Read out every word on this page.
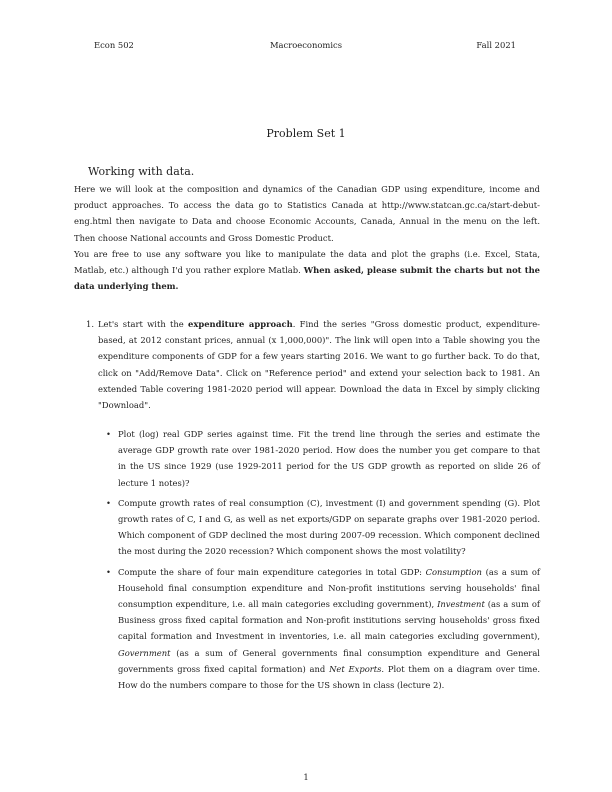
Econ 502	Macroeconomics	Fall 2021
Problem Set 1
Working with data.
Here we will look at the composition and dynamics of the Canadian GDP using expenditure, income and product approaches. To access the data go to Statistics Canada at http://www.statcan.gc.ca/start-debut-eng.html then navigate to Data and choose Economic Accounts, Canada, Annual in the menu on the left. Then choose National accounts and Gross Domestic Product.
You are free to use any software you like to manipulate the data and plot the graphs (i.e. Excel, Stata, Matlab, etc.) although I'd you rather explore Matlab. When asked, please submit the charts but not the data underlying them.
1. Let's start with the expenditure approach. Find the series "Gross domestic product, expenditure-based, at 2012 constant prices, annual (x 1,000,000)". The link will open into a Table showing you the expenditure components of GDP for a few years starting 2016. We want to go further back. To do that, click on "Add/Remove Data". Click on "Reference period" and extend your selection back to 1981. An extended Table covering 1981-2020 period will appear. Download the data in Excel by simply clicking "Download".
• Plot (log) real GDP series against time. Fit the trend line through the series and estimate the average GDP growth rate over 1981-2020 period. How does the number you get compare to that in the US since 1929 (use 1929-2011 period for the US GDP growth as reported on slide 26 of lecture 1 notes)?
• Compute growth rates of real consumption (C), investment (I) and government spending (G). Plot growth rates of C, I and G, as well as net exports/GDP on separate graphs over 1981-2020 period. Which component of GDP declined the most during 2007-09 recession. Which component declined the most during the 2020 recession? Which component shows the most volatility?
• Compute the share of four main expenditure categories in total GDP: Consumption (as a sum of Household final consumption expenditure and Non-profit institutions serving households' final consumption expenditure, i.e. all main categories excluding government), Investment (as a sum of Business gross fixed capital formation and Non-profit institutions serving households' gross fixed capital formation and Investment in inventories, i.e. all main categories excluding government), Government (as a sum of General governments final consumption expenditure and General governments gross fixed capital formation) and Net Exports. Plot them on a diagram over time. How do the numbers compare to those for the US shown in class (lecture 2).
1
